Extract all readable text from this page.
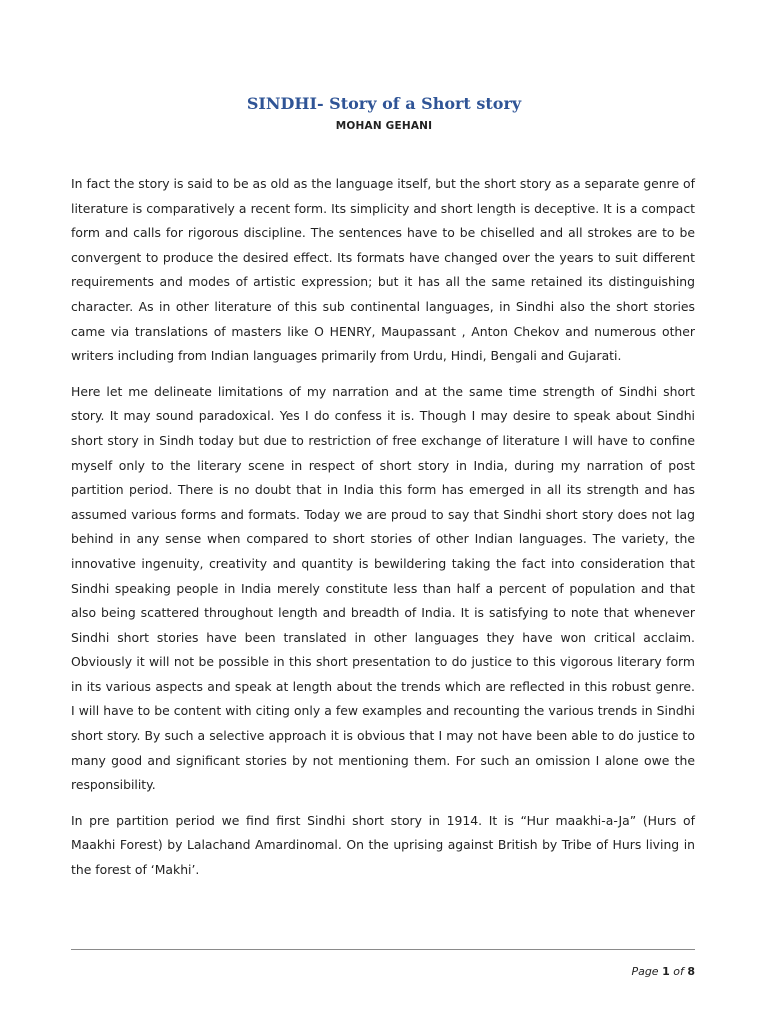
SINDHI- Story of a Short story
MOHAN GEHANI

In fact the story is said to be as old as the language itself, but the short story as a separate genre of literature is comparatively a recent form. Its simplicity and short length is deceptive. It is a compact form and calls for rigorous discipline. The sentences have to be chiselled and all strokes are to be convergent to produce the desired effect. Its formats have changed over the years to suit different requirements and modes of artistic expression; but it has all the same retained its distinguishing character. As in other literature of this sub continental languages, in Sindhi also the short stories came via translations of masters like O HENRY, Maupassant , Anton Chekov and numerous other writers including from Indian languages primarily from Urdu, Hindi, Bengali and Gujarati.

Here let me delineate limitations of my narration and at the same time strength of Sindhi short story. It may sound paradoxical. Yes I do confess it is. Though I may desire to speak about Sindhi short story in Sindh today but due to restriction of free exchange of literature I will have to confine myself only to the literary scene in respect of short story in India, during my narration of post partition period. There is no doubt that in India this form has emerged in all its strength and has assumed various forms and formats. Today we are proud to say that Sindhi short story does not lag behind in any sense when compared to short stories of other Indian languages. The variety, the innovative ingenuity, creativity and quantity is bewildering taking the fact into consideration that Sindhi speaking people in India merely constitute less than half a percent of population and that also being scattered throughout length and breadth of India. It is satisfying to note that whenever Sindhi short stories have been translated in other languages they have won critical acclaim. Obviously it will not be possible in this short presentation to do justice to this vigorous literary form in its various aspects and speak at length about the trends which are reflected in this robust genre. I will have to be content with citing only a few examples and recounting the various trends in Sindhi short story. By such a selective approach it is obvious that I may not have been able to do justice to many good and significant stories by not mentioning them. For such an omission I alone owe the responsibility.

In pre partition period we find first Sindhi short story in 1914. It is “Hur maakhi-a-Ja” (Hurs of Maakhi Forest) by Lalachand Amardinomal. On the uprising against British by Tribe of Hurs living in the forest of ‘Makhi’.

Page 1 of 8
